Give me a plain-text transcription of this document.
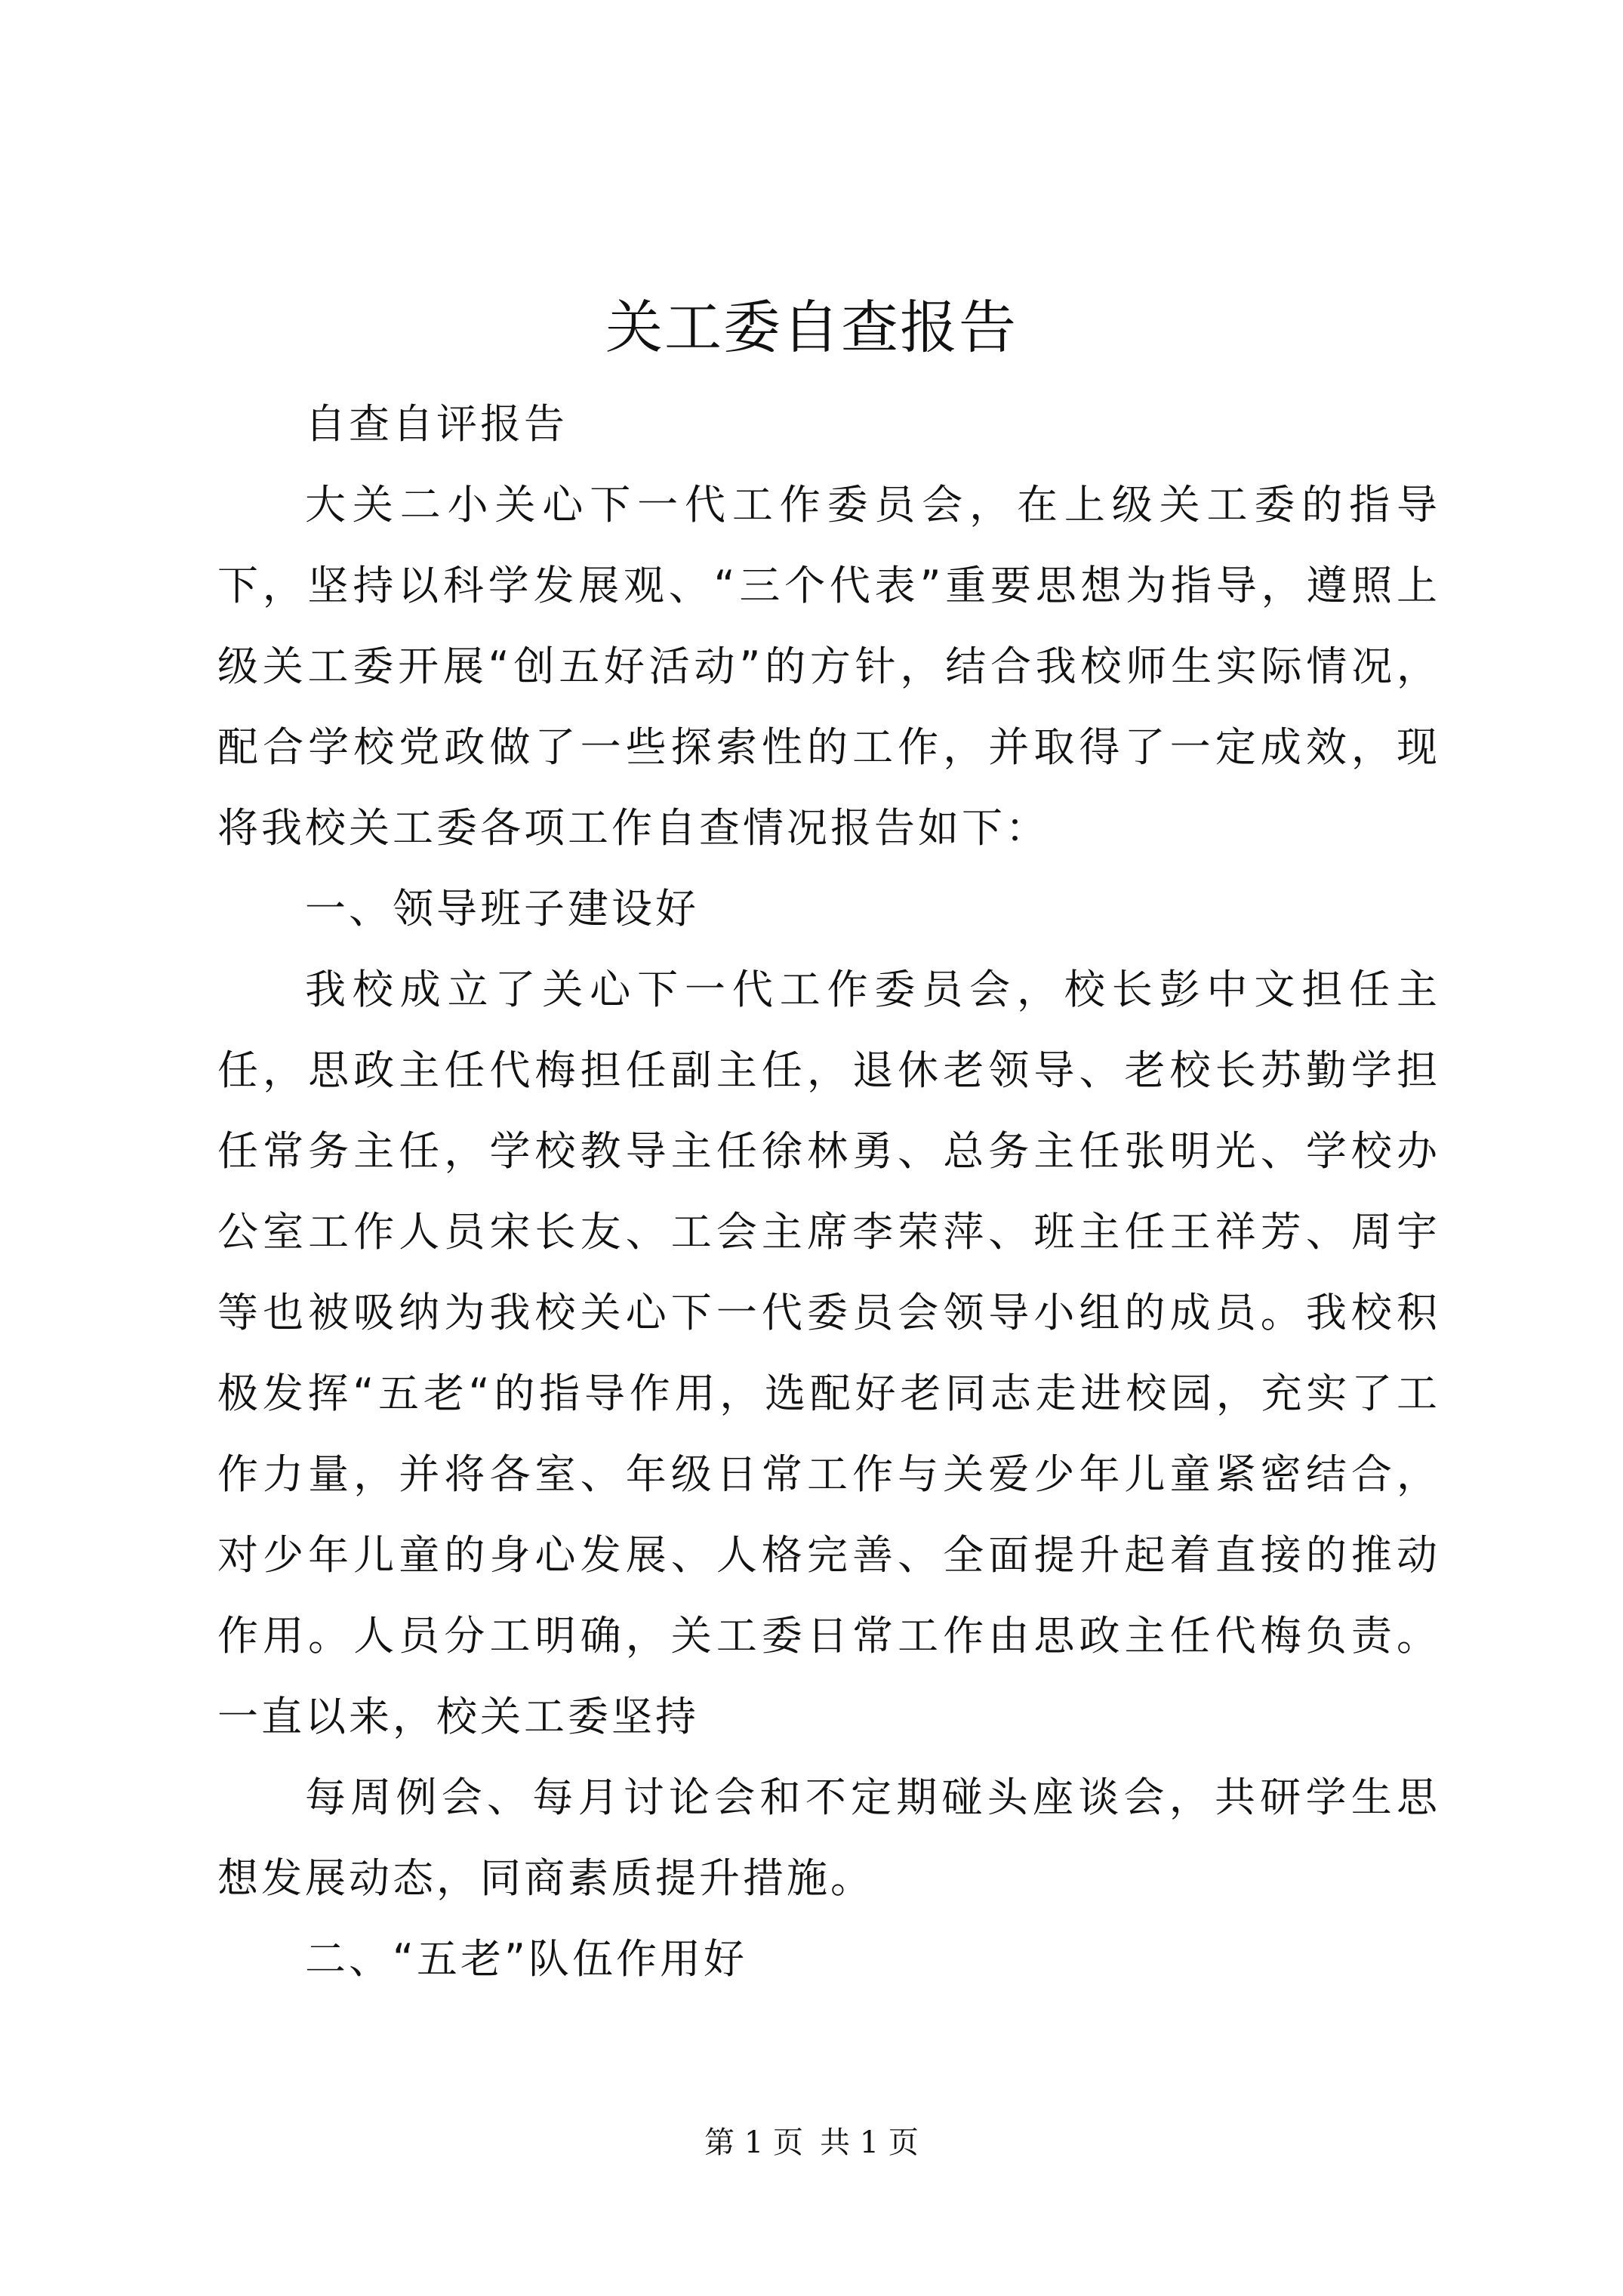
关工委自查报告

自查自评报告

大关二小关心下一代工作委员会，在上级关工委的指导下，坚持以科学发展观、“三个代表”重要思想为指导，遵照上级关工委开展“创五好活动”的方针，结合我校师生实际情况，配合学校党政做了一些探索性的工作，并取得了一定成效，现将我校关工委各项工作自查情况报告如下：

一、领导班子建设好

我校成立了关心下一代工作委员会，校长彭中文担任主任，思政主任代梅担任副主任，退休老领导、老校长苏勤学担任常务主任，学校教导主任徐林勇、总务主任张明光、学校办公室工作人员宋长友、工会主席李荣萍、班主任王祥芳、周宇等也被吸纳为我校关心下一代委员会领导小组的成员。我校积极发挥“五老“的指导作用，选配好老同志走进校园，充实了工作力量，并将各室、年级日常工作与关爱少年儿童紧密结合，对少年儿童的身心发展、人格完善、全面提升起着直接的推动作用。人员分工明确，关工委日常工作由思政主任代梅负责。一直以来，校关工委坚持

每周例会、每月讨论会和不定期碰头座谈会，共研学生思想发展动态，同商素质提升措施。

二、“五老”队伍作用好

第 1 页 共 1 页
